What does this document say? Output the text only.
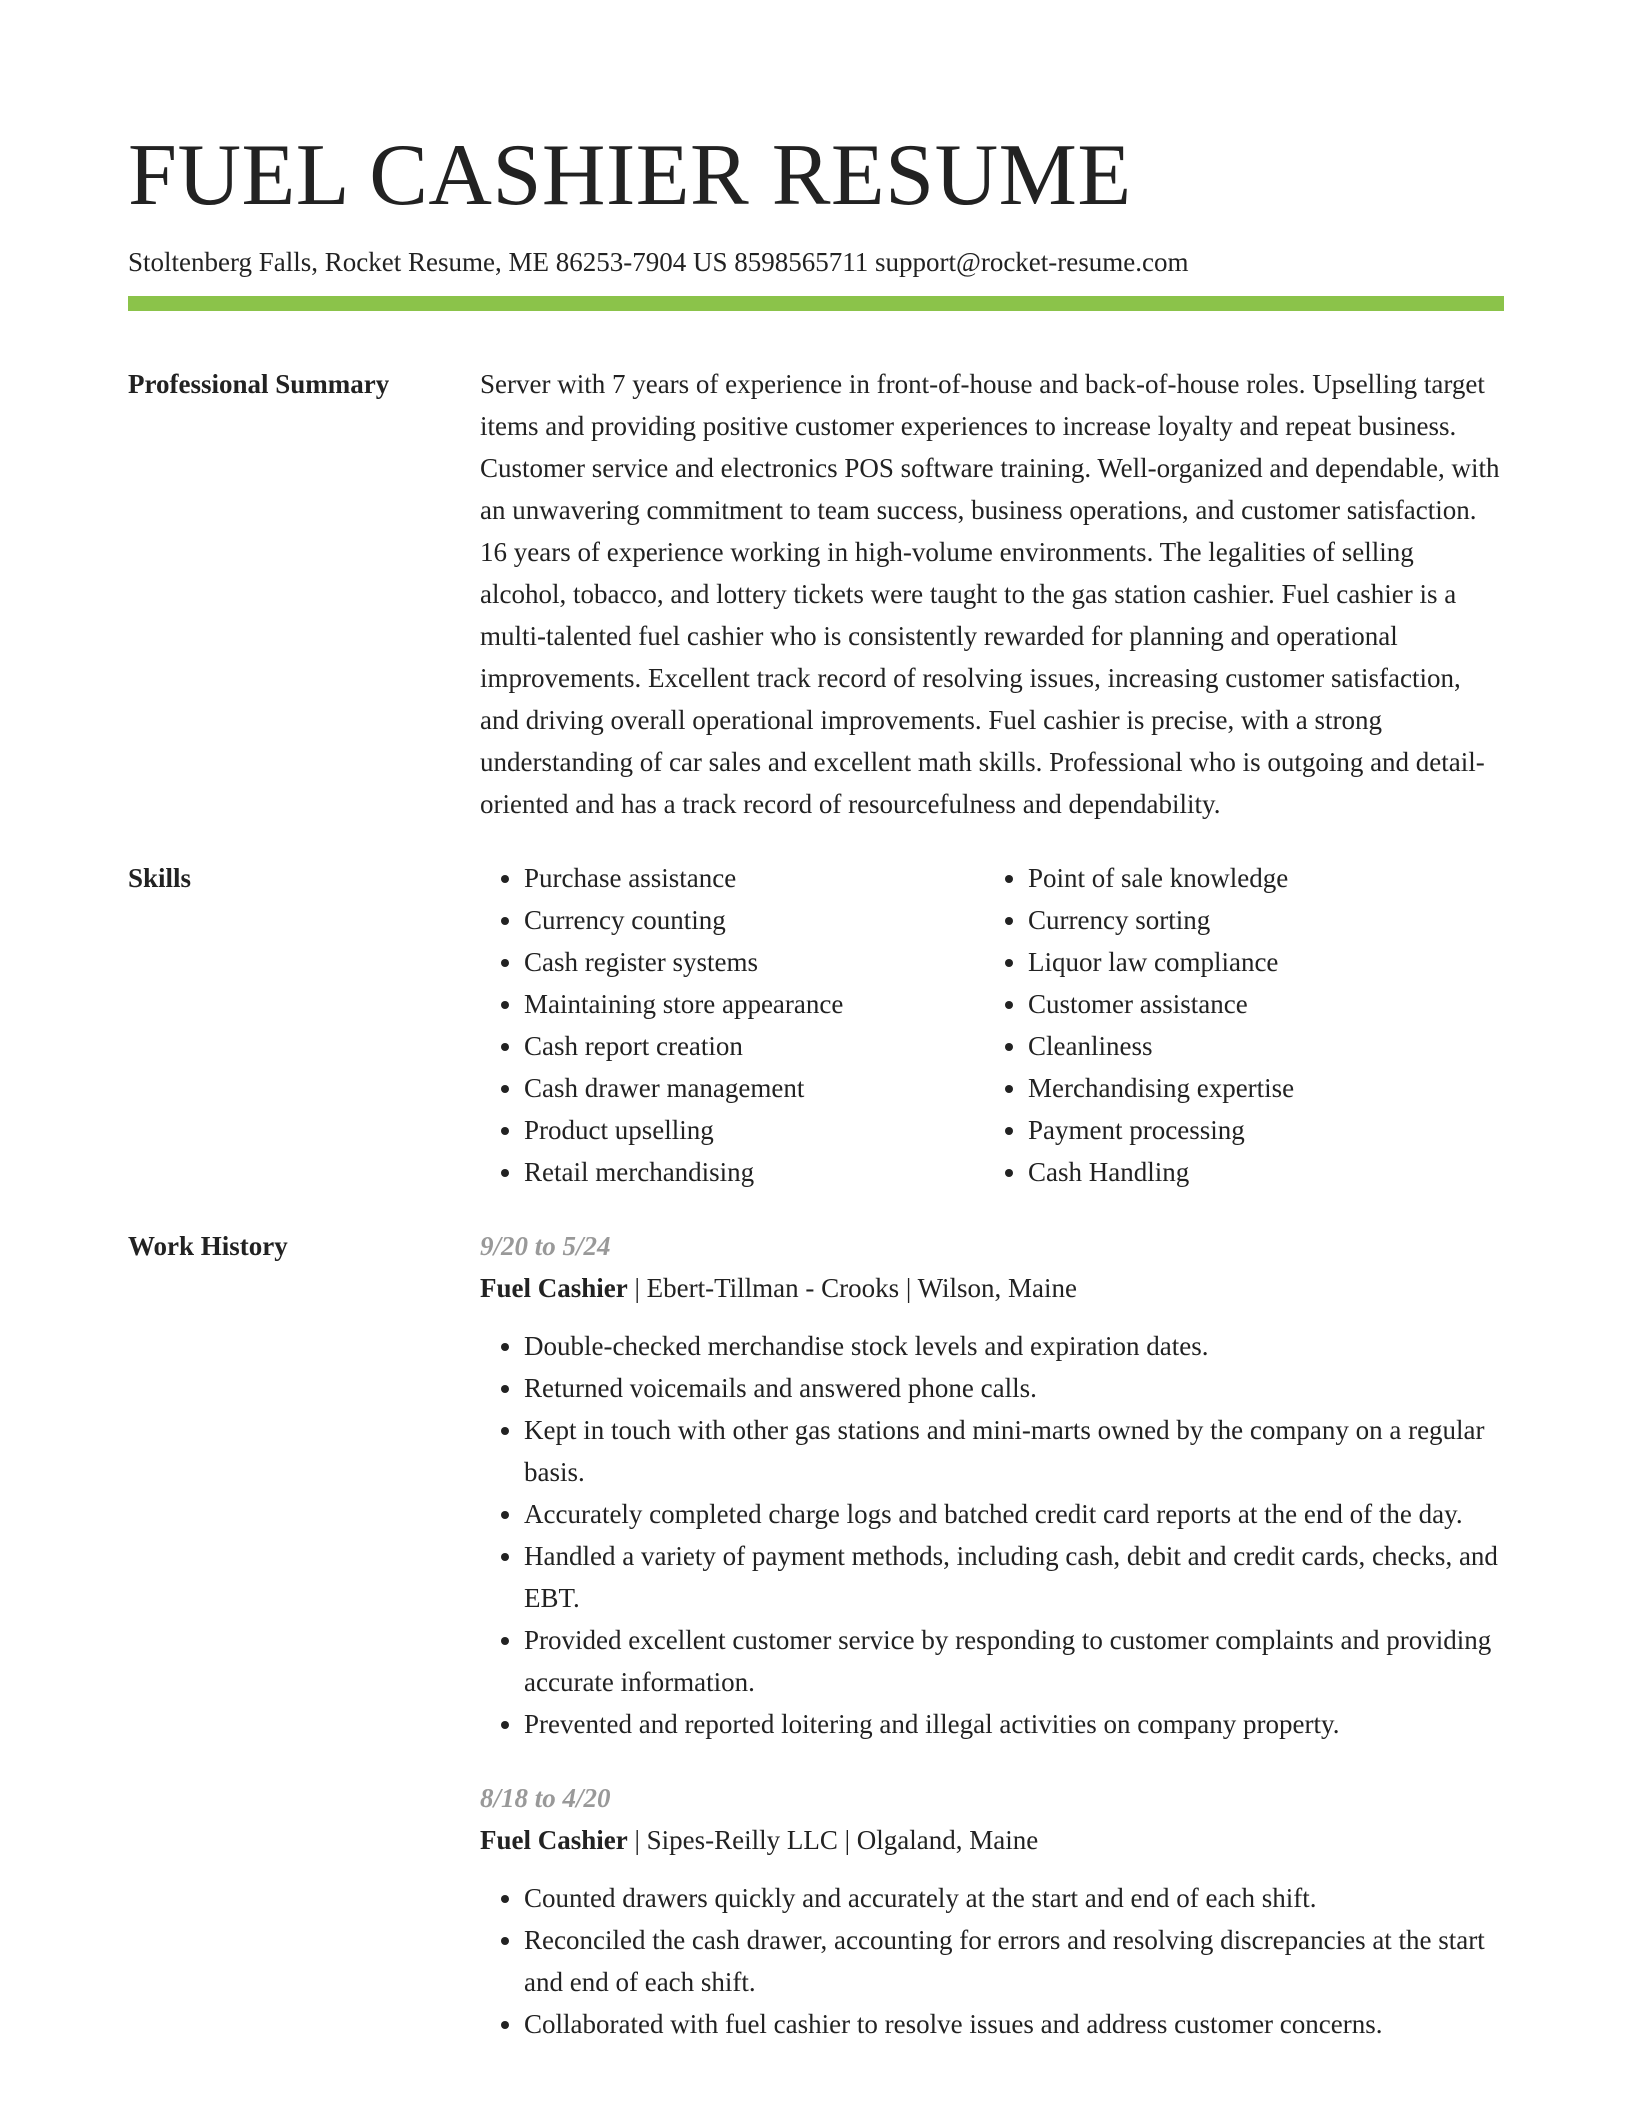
FUEL CASHIER RESUME
Stoltenberg Falls, Rocket Resume, ME 86253-7904 US 8598565711 support@rocket-resume.com
Professional Summary	Server with 7 years of experience in front-of-house and back-of-house roles. Upselling target items and providing positive customer experiences to increase loyalty and repeat business. Customer service and electronics POS software training. Well-organized and dependable, with an unwavering commitment to team success, business operations, and customer satisfaction. 16 years of experience working in high-volume environments. The legalities of selling alcohol, tobacco, and lottery tickets were taught to the gas station cashier. Fuel cashier is a multi-talented fuel cashier who is consistently rewarded for planning and operational improvements. Excellent track record of resolving issues, increasing customer satisfaction, and driving overall operational improvements. Fuel cashier is precise, with a strong understanding of car sales and excellent math skills. Professional who is outgoing and detail-oriented and has a track record of resourcefulness and dependability.

Skills
•	Purchase assistance
• Currency counting
• Cash register systems
• Maintaining store appearance
• Cash report creation
• Cash drawer management
• Product upselling
• Retail merchandising
• Point of sale knowledge
• Currency sorting
• Liquor law compliance
• Customer assistance
• Cleanliness
• Merchandising expertise
• Payment processing
• Cash Handling
Work History	9/20 to 5/24
Fuel Cashier | Ebert-Tillman - Crooks | Wilson, Maine
• Double-checked merchandise stock levels and expiration dates.
• Returned voicemails and answered phone calls.
• Kept in touch with other gas stations and mini-marts owned by the company on a regular basis.
• Accurately completed charge logs and batched credit card reports at the end of the day.
• Handled a variety of payment methods, including cash, debit and credit cards, checks, and EBT.
• Provided excellent customer service by responding to customer complaints and providing accurate information.
• Prevented and reported loitering and illegal activities on company property.
8/18 to 4/20
Fuel Cashier | Sipes-Reilly LLC | Olgaland, Maine
• Counted drawers quickly and accurately at the start and end of each shift.
• Reconciled the cash drawer, accounting for errors and resolving discrepancies at the start and end of each shift.
• Collaborated with fuel cashier to resolve issues and address customer concerns.
